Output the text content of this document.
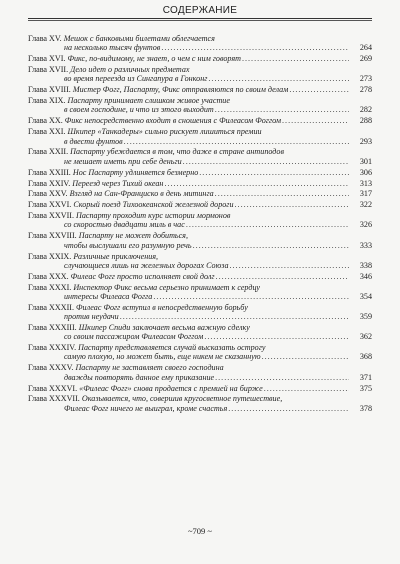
СОДЕРЖАНИЕ
Глава XV.
Мешок с банковыми билетами облегчается
на несколько тысяч фунтов .....	264
Глава XVI.
Фикс, по-видимому, не знает, о чем с ним говорят .....	269
Глава XVII.
Дело идет о различных предметах
во время переезда из Сингапура в Гонконг .....	273
Глава XVIII.
Мистер Фогг, Паспарту, Фикс отправляются по своим делам .....	278
Глава XIX.
Паспарту принимает слишком живое участие
в своем господине, и что из этого выходит .....	282
Глава XX.
Фикс непосредственно входит в сношения с Филеасом Фоггом .....	288
Глава XXI.
Шкипер «Танкадеры» сильно рискует лишиться премии
в двести фунтов .....	293
Глава XXII.
Паспарту убеждается в том, что даже в стране антиподов
не мешает иметь при себе деньги .....	301
Глава XXIII.
Нос Паспарту удлиняется безмерно .....	306
Глава XXIV.
Переезд через Тихий океан .....	313
Глава XXV.
Взгляд на Сан-Франциско в день митинга .....	317
Глава XXVI.
Скорый поезд Тихоокеанской железной дороги .....	322
Глава XXVII.
Паспарту проходит курс истории мормонов
со скоростью двадцати миль в час .....	326
Глава XXVIII.
Паспарту не может добиться,
чтобы выслушали его разумную речь .....	333
Глава XXIX.
Различные приключения,
случающиеся лишь на железных дорогах Союза .....	338
Глава XXX.
Филеас Фогг просто исполняет свой долг .....	346
Глава XXXI.
Инспектор Фикс весьма серьезно принимает к сердцу
интересы Филеаса Фогга .....	354
Глава XXXII.
Филеас Фогг вступил в непосредственную борьбу
против неудачи .....	359
Глава XXXIII.
Шкипер Спиди заключает весьма важную сделку
со своим пассажиром Филеасом Фоггом .....	362
Глава XXXIV.
Паспарту представляется случай высказать острогу
самую плохую, но может быть, еще никем не сказанную .....	368
Глава XXXV.
Паспарту не заставляет своего господина
дважды повторять данное ему приказание .....	371
Глава XXXVI.
«Филеас Фогг» снова продается с премией на бирже .....	375
Глава XXXVII.
Оказывается, что, совершив кругосветное путешествие,
Филеас Фогг ничего не выиграл, кроме счастья .....	378
~709 ~
